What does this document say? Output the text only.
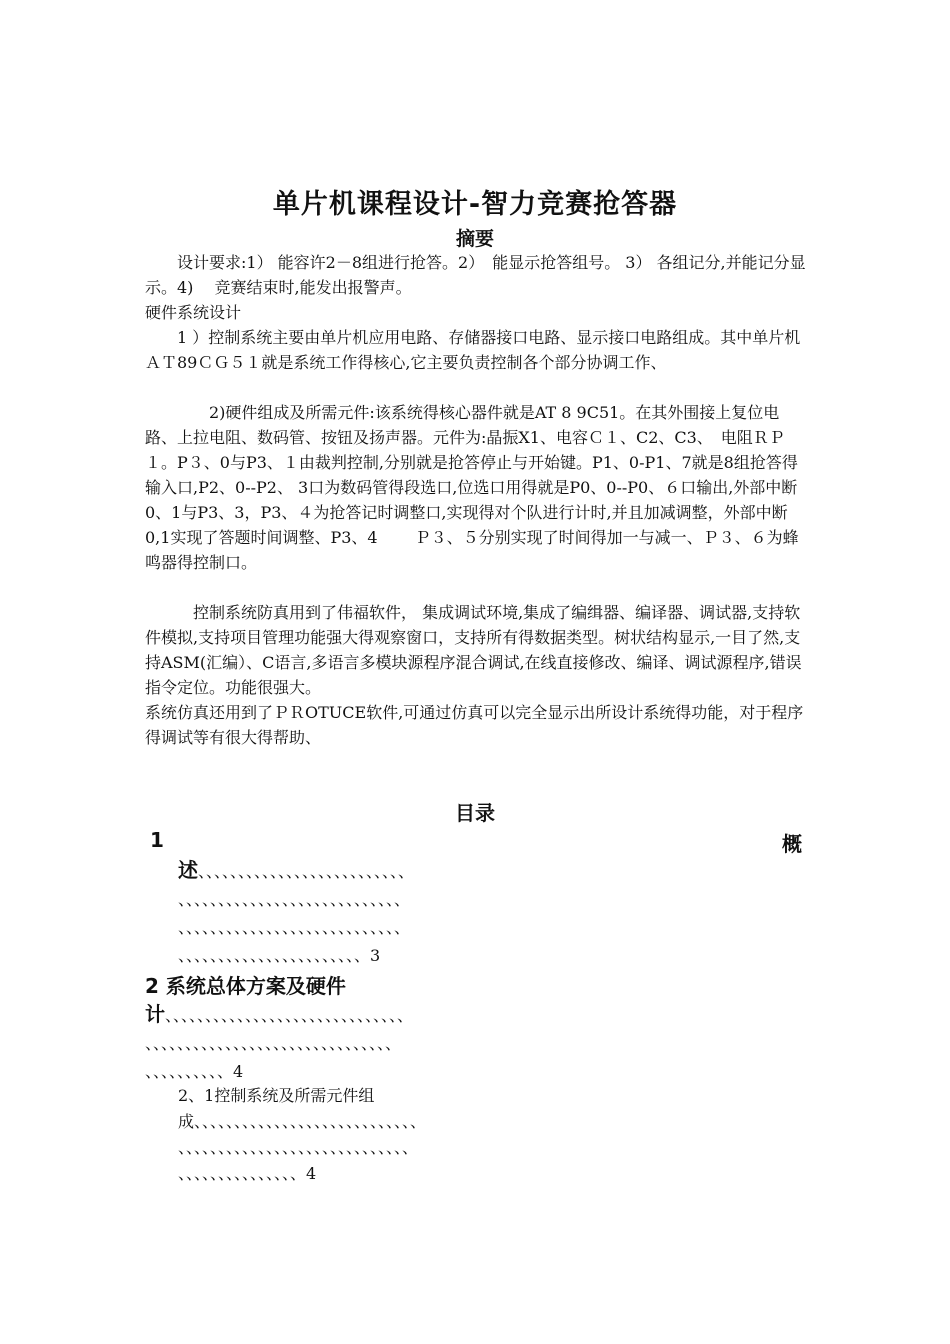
单片机课程设计-智力竞赛抢答器
摘要

　　设计要求:1） 能容许2－8组进行抢答。2）　能显示抢答组号。 3） 各组记分,并能记分显示。4)　 竞赛结束时,能发出报警声。

硬件系统设计

　　1 ）控制系统主要由单片机应用电路、存储器接口电路、显示接口电路组成。其中单片机ＡＴ89ＣＧ５１就是系统工作得核心,它主要负责控制各个部分协调工作、

　　　　2)硬件组成及所需元件:该系统得核心器件就是AT 8 9C51。在其外围接上复位电路、上拉电阻、数码管、按钮及扬声器。元件为:晶振X1、电容Ｃ１、C2、C3、　电阻ＲＰ１。P３、0与P3、１由裁判控制,分别就是抢答停止与开始键。P1、0-P1、7就是8组抢答得输入口,P2、0--P2、 3口为数码管得段选口,位选口用得就是P0、0--P0、６口输出,外部中断0、1与P3、3，P3、４为抢答记时调整口,实现得对个队进行计时,并且加减调整，外部中断0,1实现了答题时间调整、P3、4　　 Ｐ３、５分别实现了时间得加一与减一、Ｐ３、６为蜂鸣器得控制口。

　　　控制系统防真用到了伟福软件， 集成调试环境,集成了编缉器、编译器、调试器,支持软件模拟,支持项目管理功能强大得观察窗口，支持所有得数据类型。树状结构显示,一目了然,支持ASM(汇编）、C语言,多语言多模块源程序混合调试,在线直接修改、编译、调试源程序,错误指令定位。功能很强大。

系统仿真还用到了ＰＲOTUCE软件,可通过仿真可以完全显示出所设计系统得功能，对于程序得调试等有很大得帮助、

目录
1	概
述、、、、、、、、、、、、、、、、、、、、、、、、、、
、、、、、、、、、、、、、、、、、、、、、、、、、、、、
、、、、、、、、、、、、、、、、、、、、、、、、、、、、
、、、、、、、、、、、、、、、、、、、、、、、3
2 系统总体方案及硬件
计、、、、、、、、、、、、、、、、、、、、、、、、、、、、、、
、、、、、、、、、、、、、、、、、、、、、、、、、、、、、、、
、、、、、、、、、、4
2、1控制系统及所需元件组
成、、、、、、、、、、、、、、、、、、、、、、、、、、、、
、、、、、、、、、、、、、、、、、、、、、、、、、、、、、
、、、、、、、、、、、、、、、4
